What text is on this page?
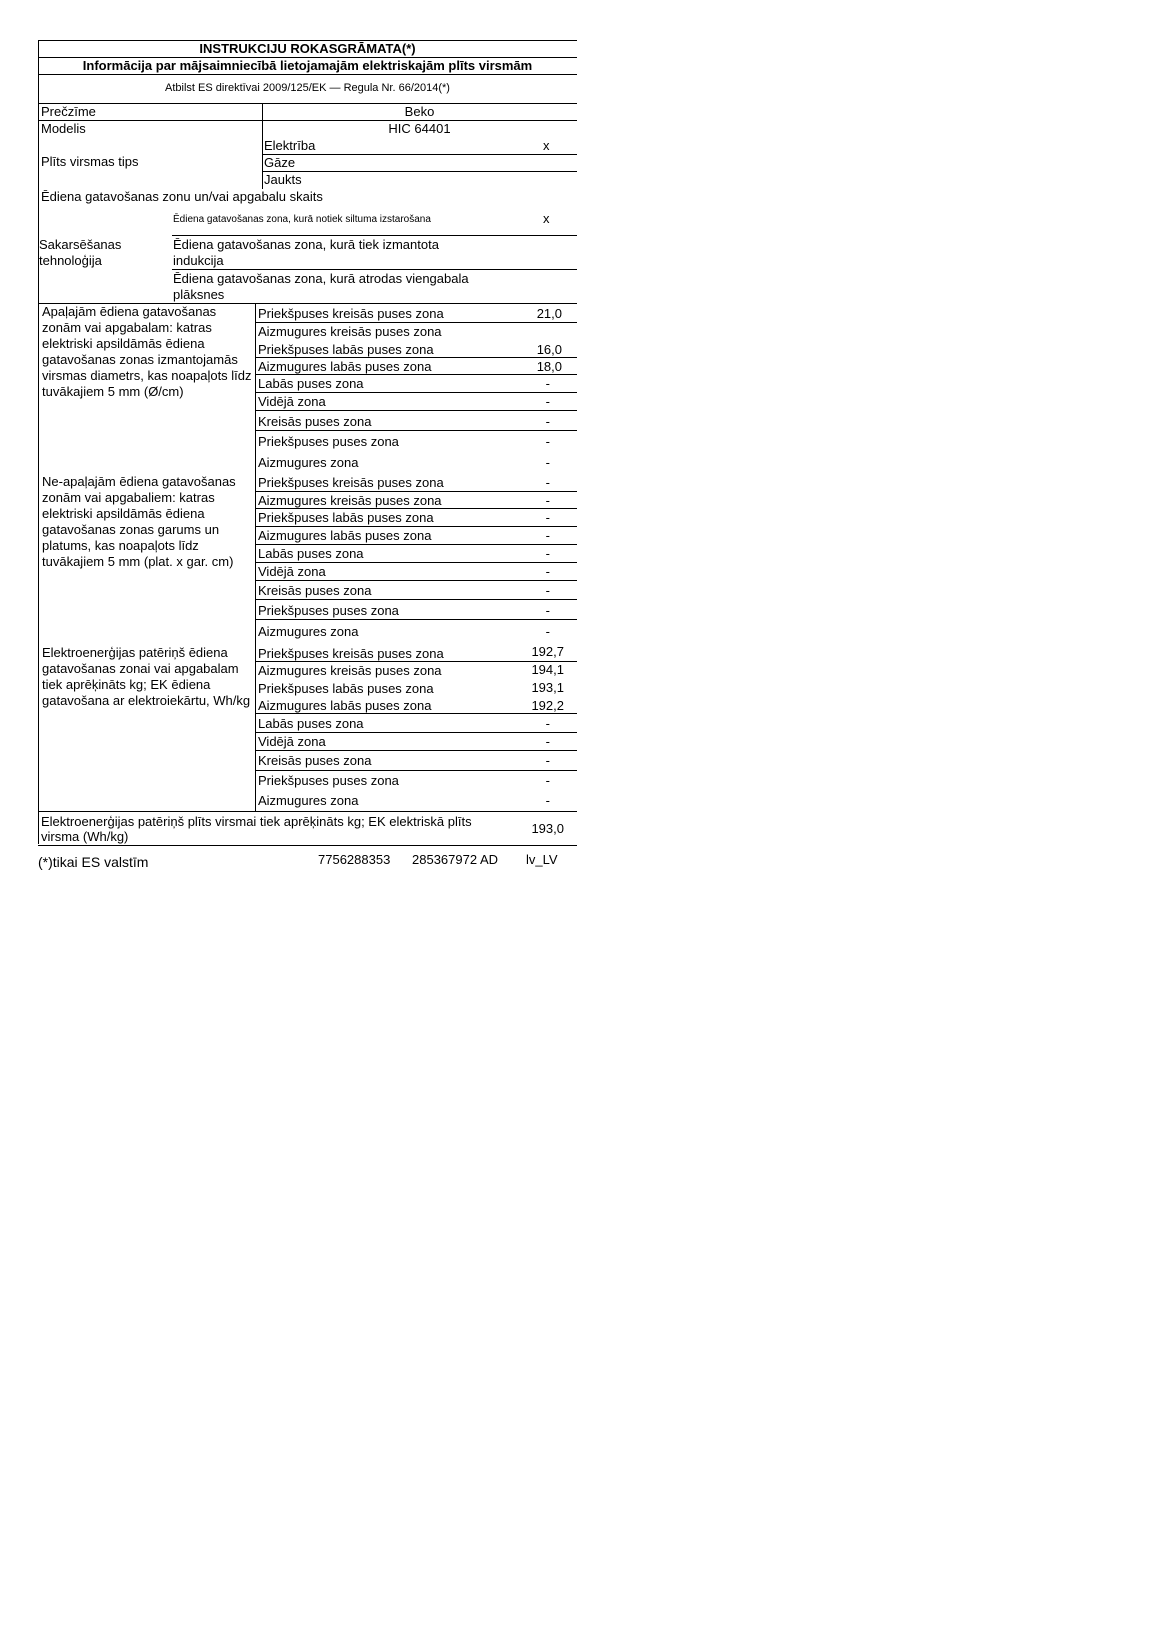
INSTRUKCIJU ROKASGRĀMATA(*)
Informācija par mājsaimniecībā lietojamajām elektriskajām plīts virsmām
Atbilst ES direktīvai 2009/125/EK — Regula Nr. 66/2014(*)
Prečzīme	Beko
Modelis	HIC 64401
Plīts virsmas tips
Elektrība	x
Gāze
Jaukts
Ēdiena gatavošanas zonu un/vai apgabalu skaits
Sakarsēšanas
tehnoloģija
Ēdiena gatavošanas zona, kurā notiek siltuma izstarošana	x
Ēdiena gatavošanas zona, kurā tiek izmantota
indukcija
Ēdiena gatavošanas zona, kurā atrodas viengabala
plāksnes
Apaļajām ēdiena gatavošanas zonām vai apgabalam: katras elektriski apsildāmās ēdiena gatavošanas zonas izmantojamās virsmas diametrs, kas noapaļots līdz tuvākajiem 5 mm (Ø/cm)
Priekšpuses kreisās puses zona	21,0
Aizmugures kreisās puses zona
Priekšpuses labās puses zona	16,0
Aizmugures labās puses zona	18,0
Labās puses zona	-
Vidējā zona	-
Kreisās puses zona	-
Priekšpuses puses zona	-
Aizmugures zona	-
Ne-apaļajām ēdiena gatavošanas zonām vai apgabaliem: katras elektriski apsildāmās ēdiena gatavošanas zonas garums un platums, kas noapaļots līdz tuvākajiem 5 mm (plat. x gar. cm)
Priekšpuses kreisās puses zona	-
Aizmugures kreisās puses zona	-
Priekšpuses labās puses zona	-
Aizmugures labās puses zona	-
Labās puses zona	-
Vidējā zona	-
Kreisās puses zona	-
Priekšpuses puses zona	-
Aizmugures zona	-
Elektroenerģijas patēriņš ēdiena gatavošanas zonai vai apgabalam tiek aprēķināts kg; EK ēdiena gatavošana ar elektroiekārtu, Wh/kg
Priekšpuses kreisās puses zona	192,7
Aizmugures kreisās puses zona	194,1
Priekšpuses labās puses zona	193,1
Aizmugures labās puses zona	192,2
Labās puses zona	-
Vidējā zona	-
Kreisās puses zona	-
Priekšpuses puses zona	-
Aizmugures zona	-
Elektroenerģijas patēriņš plīts virsmai tiek aprēķināts kg; EK elektriskā plīts
virsma (Wh/kg)
193,0
(*)tikai ES valstīm	7756288353 285367972 AD lv_LV
